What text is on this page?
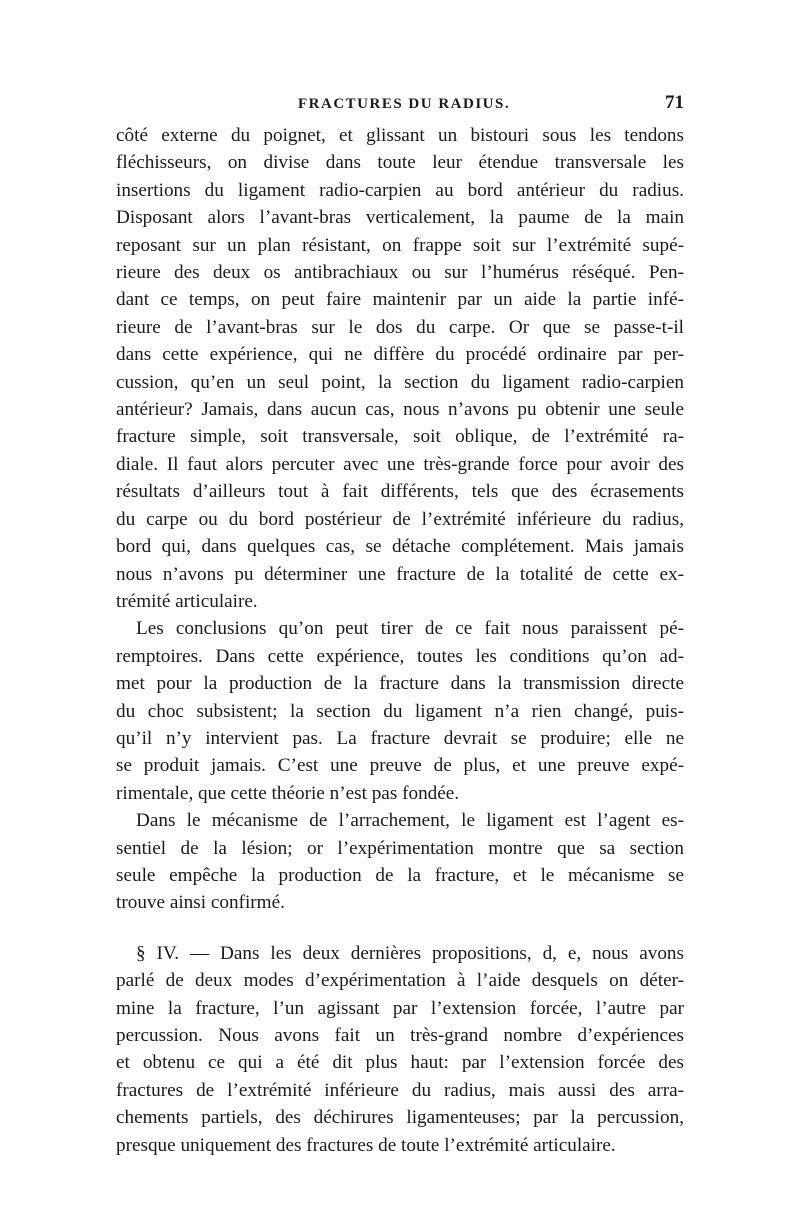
FRACTURES DU RADIUS.	71
côté externe du poignet, et glissant un bistouri sous les tendons
fléchisseurs, on divise dans toute leur étendue transversale les
insertions du ligament radio-carpien au bord antérieur du radius.
Disposant alors l’avant-bras verticalement, la paume de la main
reposant sur un plan résistant, on frappe soit sur l’extrémité supé-
rieure des deux os antibrachiaux ou sur l’humérus réséqué. Pen-
dant ce temps, on peut faire maintenir par un aide la partie infé-
rieure de l’avant-bras sur le dos du carpe. Or que se passe-t-il
dans cette expérience, qui ne diffère du procédé ordinaire par per-
cussion, qu’en un seul point, la section du ligament radio-carpien
antérieur? Jamais, dans aucun cas, nous n’avons pu obtenir une seule
fracture simple, soit transversale, soit oblique, de l’extrémité ra-
diale. Il faut alors percuter avec une très-grande force pour avoir des
résultats d’ailleurs tout à fait différents, tels que des écrasements
du carpe ou du bord postérieur de l’extrémité inférieure du radius,
bord qui, dans quelques cas, se détache complétement. Mais jamais
nous n’avons pu déterminer une fracture de la totalité de cette ex-
trémité articulaire.
Les conclusions qu’on peut tirer de ce fait nous paraissent pé-
remptoires. Dans cette expérience, toutes les conditions qu’on ad-
met pour la production de la fracture dans la transmission directe
du choc subsistent; la section du ligament n’a rien changé, puis-
qu’il n’y intervient pas. La fracture devrait se produire; elle ne
se produit jamais. C’est une preuve de plus, et une preuve expé-
rimentale, que cette théorie n’est pas fondée.
Dans le mécanisme de l’arrachement, le ligament est l’agent es-
sentiel de la lésion; or l’expérimentation montre que sa section
seule empêche la production de la fracture, et le mécanisme se
trouve ainsi confirmé.
§ IV. — Dans les deux dernières propositions, d, e, nous avons
parlé de deux modes d’expérimentation à l’aide desquels on déter-
mine la fracture, l’un agissant par l’extension forcée, l’autre par
percussion. Nous avons fait un très-grand nombre d’expériences
et obtenu ce qui a été dit plus haut: par l’extension forcée des
fractures de l’extrémité inférieure du radius, mais aussi des arra-
chements partiels, des déchirures ligamenteuses; par la percussion,
presque uniquement des fractures de toute l’extrémité articulaire.
